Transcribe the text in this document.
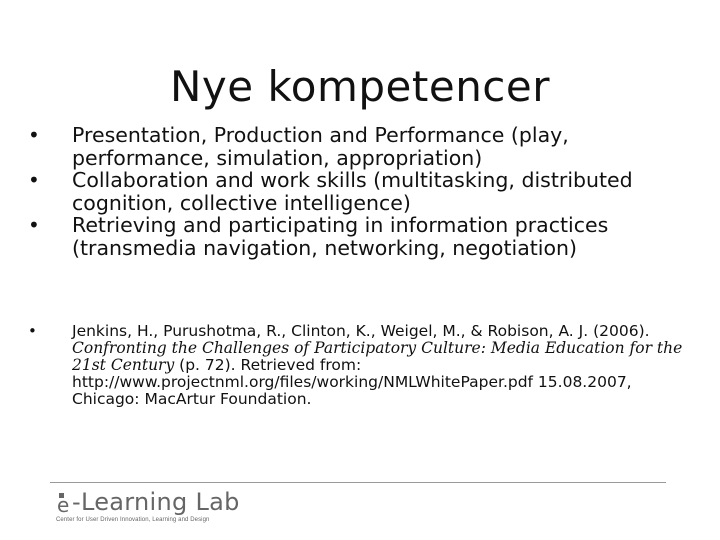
Nye kompetencer
• Presentation, Production and Performance (play, performance, simulation, appropriation)
• Collaboration and work skills (multitasking, distributed cognition, collective intelligence)
• Retrieving and participating in information practices (transmedia navigation, networking, negotiation)
• Jenkins, H., Purushotma, R., Clinton, K., Weigel, M., & Robison, A. J. (2006). Confronting the Challenges of Participatory Culture: Media Education for the 21st Century (p. 72). Retrieved from: http://www.projectnml.org/files/working/NMLWhitePaper.pdf 15.08.2007, Chicago: MacArtur Foundation.
e -Learning Lab
Center for User Driven Innovation, Learning and Design
